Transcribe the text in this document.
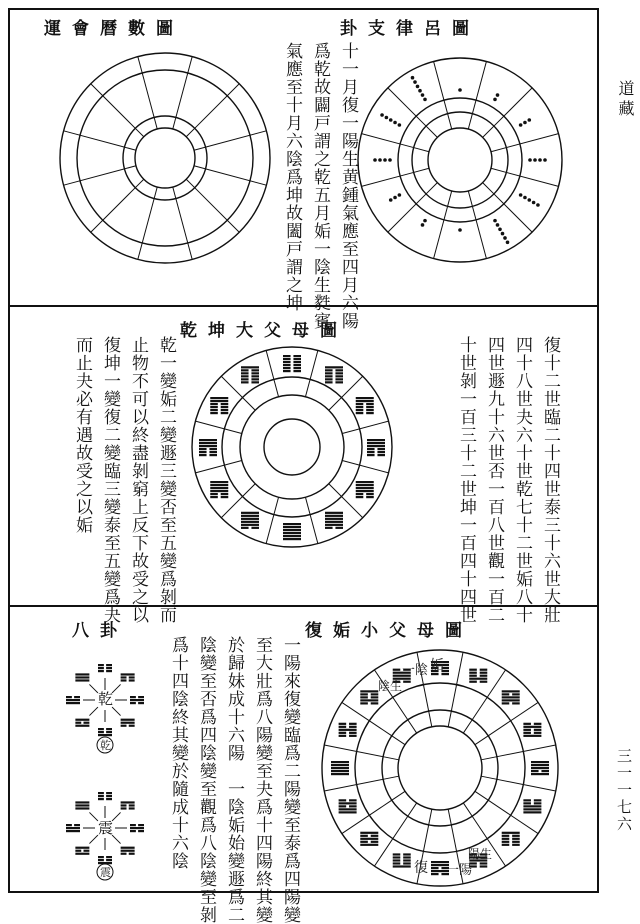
卦支律呂圖
運會曆數圖
十一月復一陽生黄鍾氣應至四月六陽
爲乾故闢戸謂之乾五月姤一陰生㽔賓
氣應至十月六陰爲坤故闔戸謂之坤
乾坤大父母圖
復十二世臨二十四世泰三十六世大壯
四十八世夬六十世乾七十二世姤八十
四世遯九十六世否一百八世觀一百二
十世剝一百三十二世坤一百四十四世
乾一變姤二變遯三變否至五變爲剝而
止物不可以終盡剝窮上反下故受之以
復坤一變復二變臨三變泰至五變爲夬
而止夬必有遇故受之以姤
復姤小父母圖
八卦
一陽來復變臨爲二陽變至泰爲四陽變
至大壯爲八陽變至夬爲十四陽終其變
於歸妹成十六陽　一陰姤始變遯爲二
陰變至否爲四陰變至觀爲八陰變至剝
爲十四陰終其變於隨成十六陰
乾
震
乾
震	復 一陽
陽生
姤
一陰
陰生
道藏
三一一七六
